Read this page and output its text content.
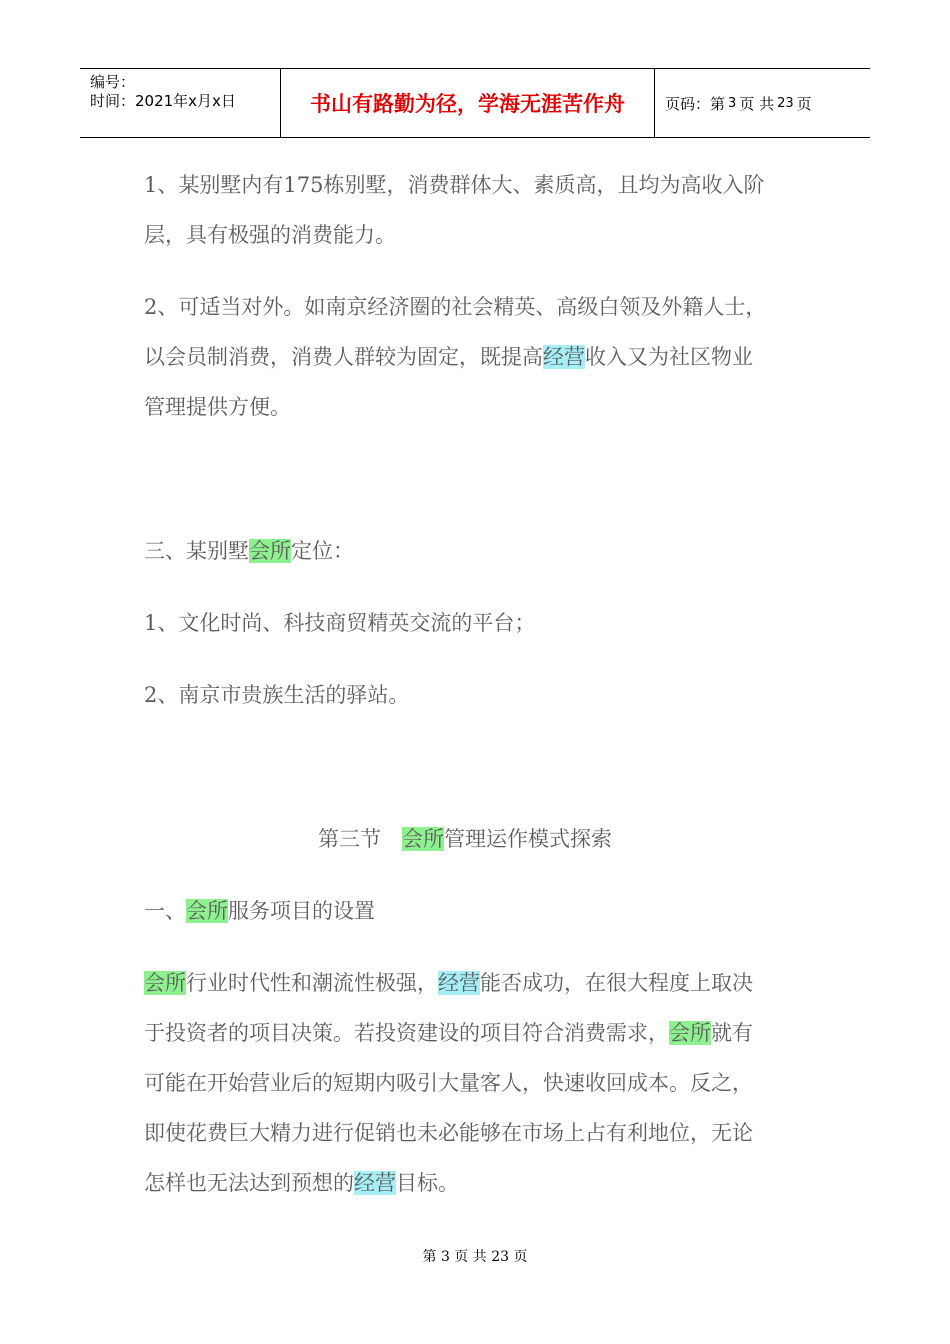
编号：
时间：2021年x月x日	书山有路勤为径，学海无涯苦作舟	页码：第 3 页 共 23 页
1、某别墅内有175栋别墅，消费群体大、素质高，且均为高收入阶
层，具有极强的消费能力。
2、可适当对外。如南京经济圈的社会精英、高级白领及外籍人士，
以会员制消费，消费人群较为固定，既提高经营收入又为社区物业
管理提供方便。
三、某别墅会所定位：
1、文化时尚、科技商贸精英交流的平台；
2、南京市贵族生活的驿站。
第三节　会所管理运作模式探索
一、会所服务项目的设置
会所行业时代性和潮流性极强，经营能否成功，在很大程度上取决
于投资者的项目决策。若投资建设的项目符合消费需求，会所就有
可能在开始营业后的短期内吸引大量客人，快速收回成本。反之，
即使花费巨大精力进行促销也未必能够在市场上占有利地位，无论
怎样也无法达到预想的经营目标。
第 3 页 共 23 页
